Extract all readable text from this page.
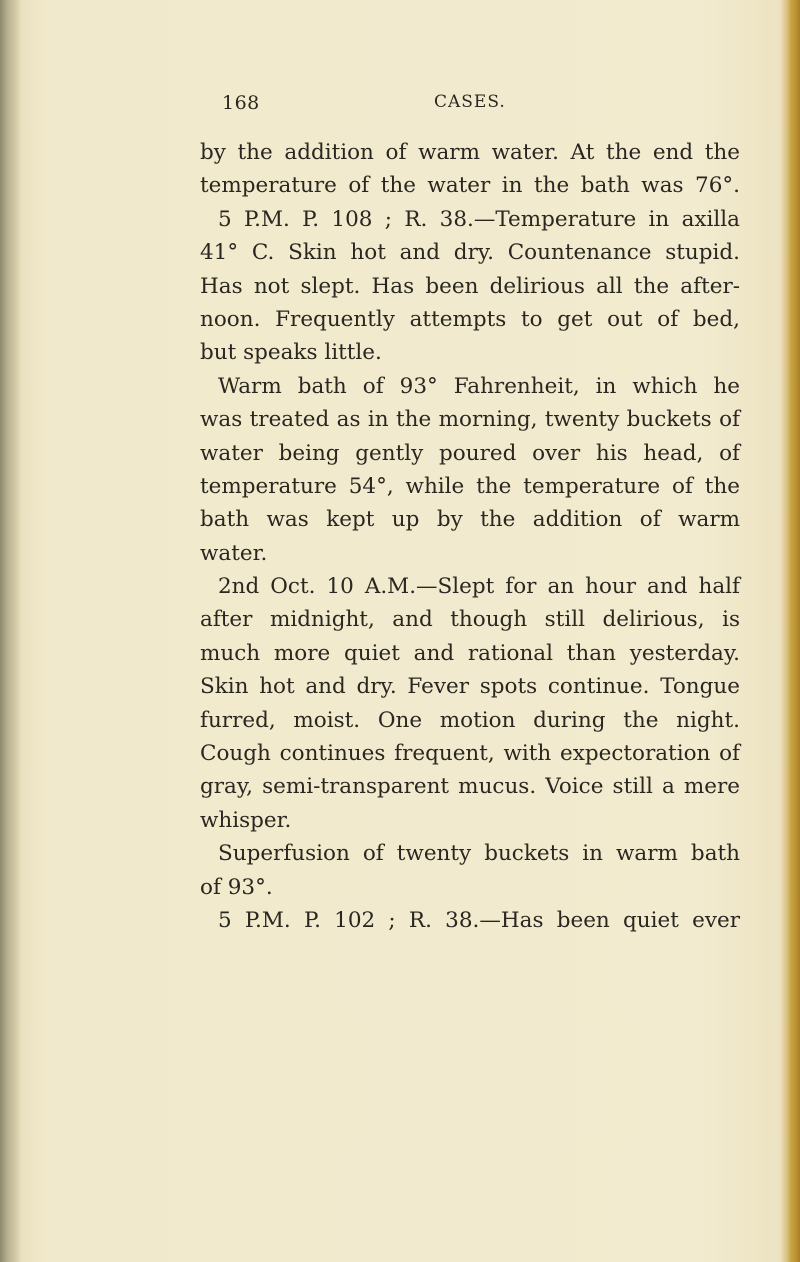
168	CASES.
by the addition of warm water. At the end the
temperature of the water in the bath was 76°.
5 P.M. P. 108 ; R. 38.—Temperature in axilla
41° C. Skin hot and dry. Countenance stupid.
Has not slept. Has been delirious all the after-
noon. Frequently attempts to get out of bed,
but speaks little.
Warm bath of 93° Fahrenheit, in which he
was treated as in the morning, twenty buckets of
water being gently poured over his head, of
temperature 54°, while the temperature of the
bath was kept up by the addition of warm
water.
2nd Oct. 10 A.M.—Slept for an hour and half
after midnight, and though still delirious, is
much more quiet and rational than yesterday.
Skin hot and dry. Fever spots continue. Tongue
furred, moist. One motion during the night.
Cough continues frequent, with expectoration of
gray, semi-transparent mucus. Voice still a mere
whisper.
Superfusion of twenty buckets in warm bath
of 93°.
5 P.M. P. 102 ; R. 38.—Has been quiet ever
